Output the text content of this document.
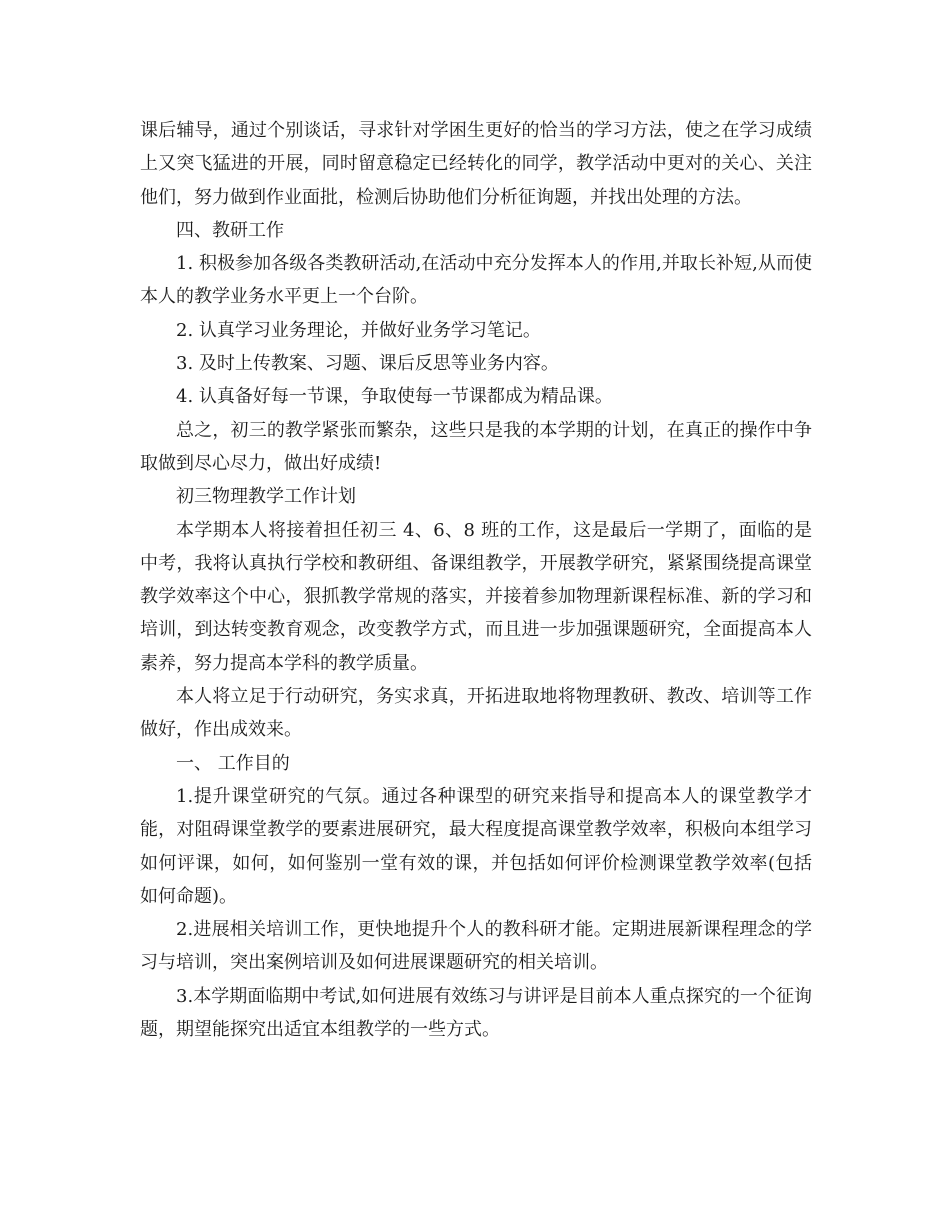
课后辅导，通过个别谈话，寻求针对学困生更好的恰当的学习方法，使之在学习成绩上又突飞猛进的开展，同时留意稳定已经转化的同学，教学活动中更对的关心、关注他们，努力做到作业面批，检测后协助他们分析征询题，并找出处理的方法。

四、教研工作

1. 积极参加各级各类教研活动,在活动中充分发挥本人的作用,并取长补短,从而使本人的教学业务水平更上一个台阶。

2. 认真学习业务理论，并做好业务学习笔记。

3. 及时上传教案、习题、课后反思等业务内容。

4. 认真备好每一节课，争取使每一节课都成为精品课。

总之，初三的教学紧张而繁杂，这些只是我的本学期的计划，在真正的操作中争取做到尽心尽力，做出好成绩!

初三物理教学工作计划

本学期本人将接着担任初三 4、6、8 班的工作，这是最后一学期了，面临的是中考，我将认真执行学校和教研组、备课组教学，开展教学研究，紧紧围绕提高课堂教学效率这个中心，狠抓教学常规的落实，并接着参加物理新课程标准、新的学习和培训，到达转变教育观念，改变教学方式，而且进一步加强课题研究，全面提高本人素养，努力提高本学科的教学质量。

本人将立足于行动研究，务实求真，开拓进取地将物理教研、教改、培训等工作做好，作出成效来。

一、 工作目的

1.提升课堂研究的气氛。通过各种课型的研究来指导和提高本人的课堂教学才能，对阻碍课堂教学的要素进展研究，最大程度提高课堂教学效率，积极向本组学习如何评课，如何，如何鉴别一堂有效的课，并包括如何评价检测课堂教学效率(包括如何命题)。

2.进展相关培训工作，更快地提升个人的教科研才能。定期进展新课程理念的学习与培训，突出案例培训及如何进展课题研究的相关培训。

3.本学期面临期中考试,如何进展有效练习与讲评是目前本人重点探究的一个征询题，期望能探究出适宜本组教学的一些方式。
